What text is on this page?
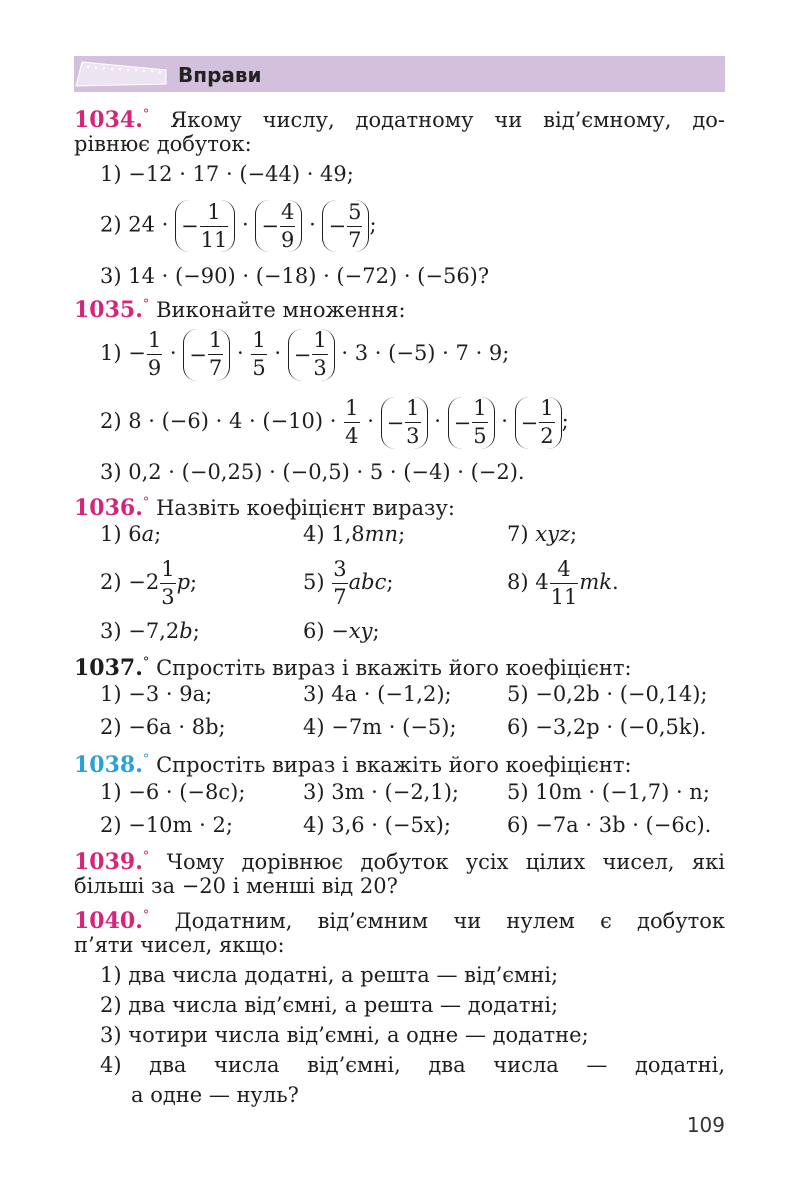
Вправи
1034.° Якому числу, додатному чи від’ємному, до-
рівнює добуток:
1) −12 · 17 · (−44) · 49;
2) 24 · − $\frac{1}{11}$ · − $\frac{4}{9}$ · − $\frac{5}{7}$ ;
3) 14 · (−90) · (−18) · (−72) · (−56)?
1035.° Виконайте множення:
$1) - \frac{1}{9}$ · − $\frac{1}{7} \cdot \frac{1}{5}$ · − $\frac{1}{3} \cdot 3 \cdot (-5) \cdot 7 \cdot 9$;
2) $8 \cdot (-6) \cdot 4 \cdot (-10) \cdot \frac{1}{4}$ · − $\frac{1}{3}$ · − $\frac{1}{5}$ · − $\frac{1}{2}$ ;
3) 0,2 · (−0,25) · (−0,5) · 5 · (−4) · (−2).
1036.° Назвіть коефіцієнт виразу:
1) 6a;	4) 1,8mn;	7) xyz;
$2) -2 \frac{1}{3} p$;	$5) \frac{3}{7}$ abc;	8) $4 \frac{4}{11}$ mk.
3) −7,2b;	6) −xy;
1037.° Спростіть вираз і вкажіть його коефіцієнт:
1) −3 · 9a;	3) 4a · (−1,2);	5) −0,2b · (−0,14);
2) −6a · 8b;	4) −7m · (−5); 6) −3,2p · (−0,5k).
1038.° Спростіть вираз і вкажіть його коефіцієнт:
1) −6 · (−8c);	3) 3m · (−2,1); 5) 10m · (−1,7) · n;
2) −10m · 2;	4) 3,6 · (−5x);	6) −7a · 3b · (−6c).
1039.° Чому дорівнює добуток усіх цілих чисел, які
більші за −20 і менші від 20?
1040.° Додатним, від’ємним чи нулем є добуток
п’яти чисел, якщо:
1) два числа додатні, а решта — від’ємні;
2) два числа від’ємні, а решта — додатні;
3) чотири числа від’ємні, а одне — додатне;
4) два числа від’ємні, два числа — додатні,
а одне — нуль?
109
